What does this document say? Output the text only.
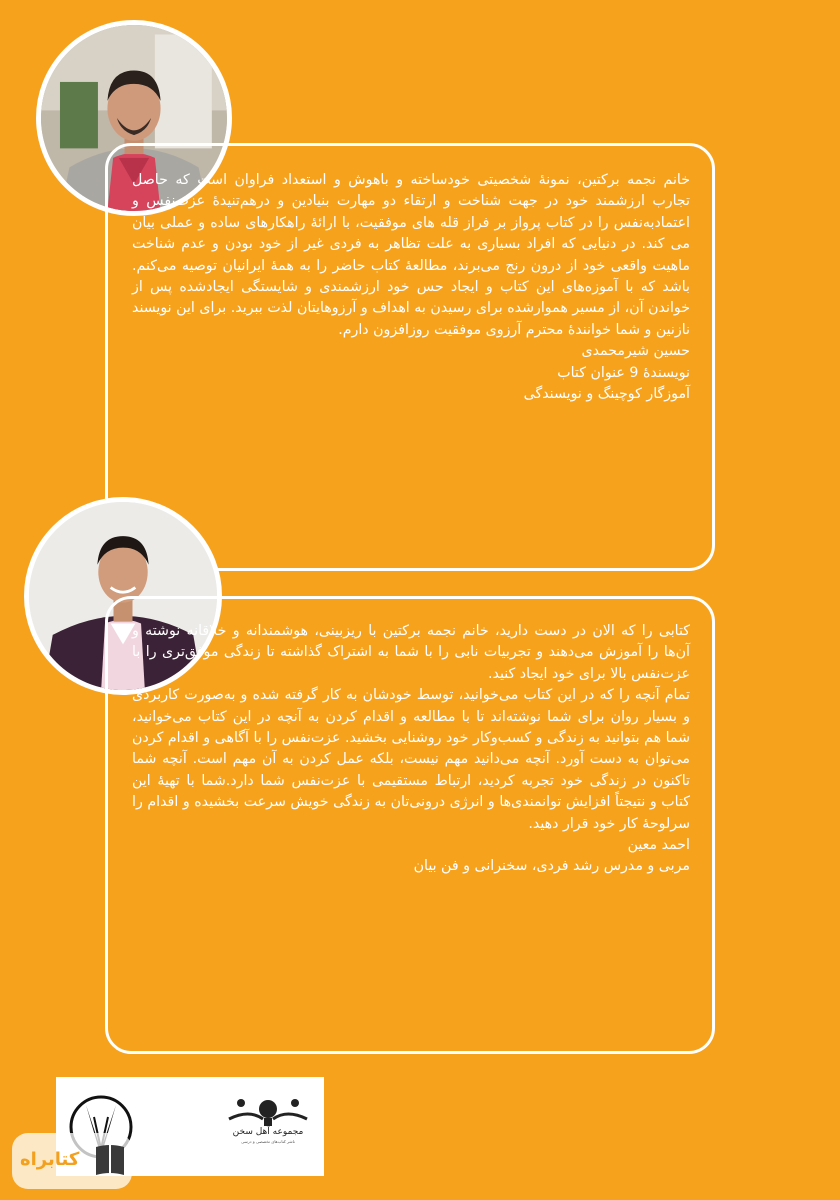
خانم نجمه برکتین، نمونهٔ شخصیتی خودساخته و باهوش و استعداد فراوان است که حاصل تجارب ارزشمند خود در جهت شناخت و ارتقاء دو مهارت بنیادین و درهم‌تنیدهٔ عزت‌نفس و اعتمادبه‌نفس را در کتاب پرواز بر فراز قله های موفقیت، با ارائهٔ راهکارهای ساده و عملی بیان می کند. در دنیایی که افراد بسیاری به علت تظاهر به فردی غیر از خود بودن و عدم شناخت ماهیت واقعی خود از درون رنج می‌برند، مطالعهٔ کتاب حاضر را به همهٔ ایرانیان توصیه می‌کنم. باشد که با آموزه‌های این کتاب و ایجاد حس خود ارزشمندی و شایستگی ایجادشده پس از خواندن آن، از مسیر هموارشده برای رسیدن به اهداف و آرزوهایتان لذت ببرید. برای این نویسند نازنین و شما خوانندهٔ محترم آرزوی موفقیت روزافزون دارم.

حسین شیرمحمدی

نویسندهٔ 9 عنوان کتاب

آموزگار کوچینگ و نویسندگی

کتابی را که الان در دست دارید، خانم نجمه برکتین با ریزبینی، هوشمندانه و خلاقانه نوشته و آن‌ها را آموزش می‌دهند و تجربیات نابی را با شما به اشتراک گذاشته تا زندگی موفق‌تری را با عزت‌نفس بالا برای خود ایجاد کنید.

تمام آنچه را که در این کتاب می‌خوانید، توسط خودشان به کار گرفته شده و به‌صورت کاربردی و بسیار روان برای شما نوشته‌اند تا با مطالعه و اقدام کردن به آنچه در این کتاب می‌خوانید، شما هم بتوانید به زندگی و کسب‌وکار خود روشنایی بخشید. عزت‌نفس را با آگاهی و اقدام کردن می‌توان به دست آورد. آنچه می‌دانید مهم نیست، بلکه عمل کردن به آن مهم است. آنچه شما تاکنون در زندگی خود تجربه کردید، ارتباط مستقیمی با عزت‌نفس شما دارد.شما با تهیهٔ این کتاب و نتیجتاً افزایش توانمندی‌ها و انرژی درونی‌تان به زندگی خویش سرعت بخشیده و اقدام را سرلوحهٔ کار خود قرار دهید.

احمد معین

مربی و مدرس رشد فردی، سخنرانی و فن بیان

مجموعه آهل سخن
ناشر کتاب‌های تخصصی و درسی
کتابراه
